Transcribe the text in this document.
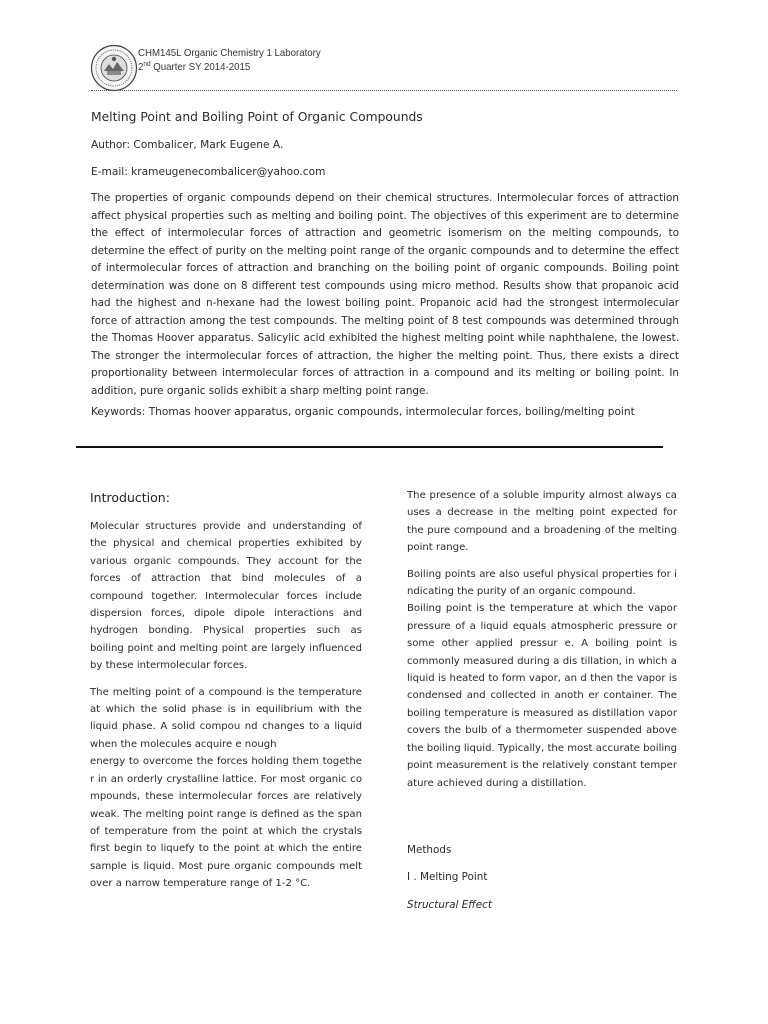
CHM145L Organic Chemistry 1 Laboratory
2nd Quarter SY 2014-2015
Melting Point and Boiling Point of Organic Compounds
Author: Combalicer, Mark Eugene A.
E-mail: krameugenecombalicer@yahoo.com

The properties of organic compounds depend on their chemical structures. Intermolecular forces of attraction affect physical properties such as melting and boiling point. The objectives of this experiment are to determine the effect of intermolecular forces of attraction and geometric isomerism on the melting compounds, to determine the effect of purity on the melting point range of the organic compounds and to determine the effect of intermolecular forces of attraction and branching on the boiling point of organic compounds. Boiling point determination was done on 8 different test compounds using micro method. Results show that propanoic acid had the highest and n-hexane had the lowest boiling point. Propanoic acid had the strongest intermolecular force of attraction among the test compounds. The melting point of 8 test compounds was determined through the Thomas Hoover apparatus. Salicylic acid exhibited the highest melting point while naphthalene, the lowest. The stronger the intermolecular forces of attraction, the higher the melting point. Thus, there exists a direct proportionality between intermolecular forces of attraction in a compound and its melting or boiling point. In addition, pure organic solids exhibit a sharp melting point range.

Keywords: Thomas hoover apparatus, organic compounds, intermolecular forces, boiling/melting point
Introduction:

Molecular structures provide and understanding of the physical and chemical properties exhibited by various organic compounds. They account for the forces of attraction that bind molecules of a compound together. Intermolecular forces include dispersion forces, dipole dipole interactions and hydrogen bonding. Physical properties such as boiling point and melting point are largely influenced by these intermolecular forces.

The melting point of a compound is the temperature at which the solid phase is in equilibrium with the liquid phase. A solid compou nd changes to a liquid when the molecules acquire e nough

energy to overcome the forces holding them togethe r in an orderly crystalline lattice. For most organic co mpounds, these intermolecular forces are relatively weak. The melting point range is defined as the span of temperature from the point at which the crystals first begin to liquefy to the point at which the entire sample is liquid. Most pure organic compounds melt over a narrow temperature range of 1-2 °C.

The presence of a soluble impurity almost always ca uses a decrease in the melting point expected for the pure compound and a broadening of the melting point range.

Boiling points are also useful physical properties for i ndicating the purity of an organic compound.

Boiling point is the temperature at which the vapor pressure of a liquid equals atmospheric pressure or some other applied pressur e. A boiling point is commonly measured during a dis tillation, in which a liquid is heated to form vapor, an d then the vapor is condensed and collected in anoth er container. The boiling temperature is measured as distillation vapor covers the bulb of a thermometer suspended above the boiling liquid. Typically, the most accurate boiling point measurement is the relatively constant temper ature achieved during a distillation.

Methods
I . Melting Point
Structural Effect
